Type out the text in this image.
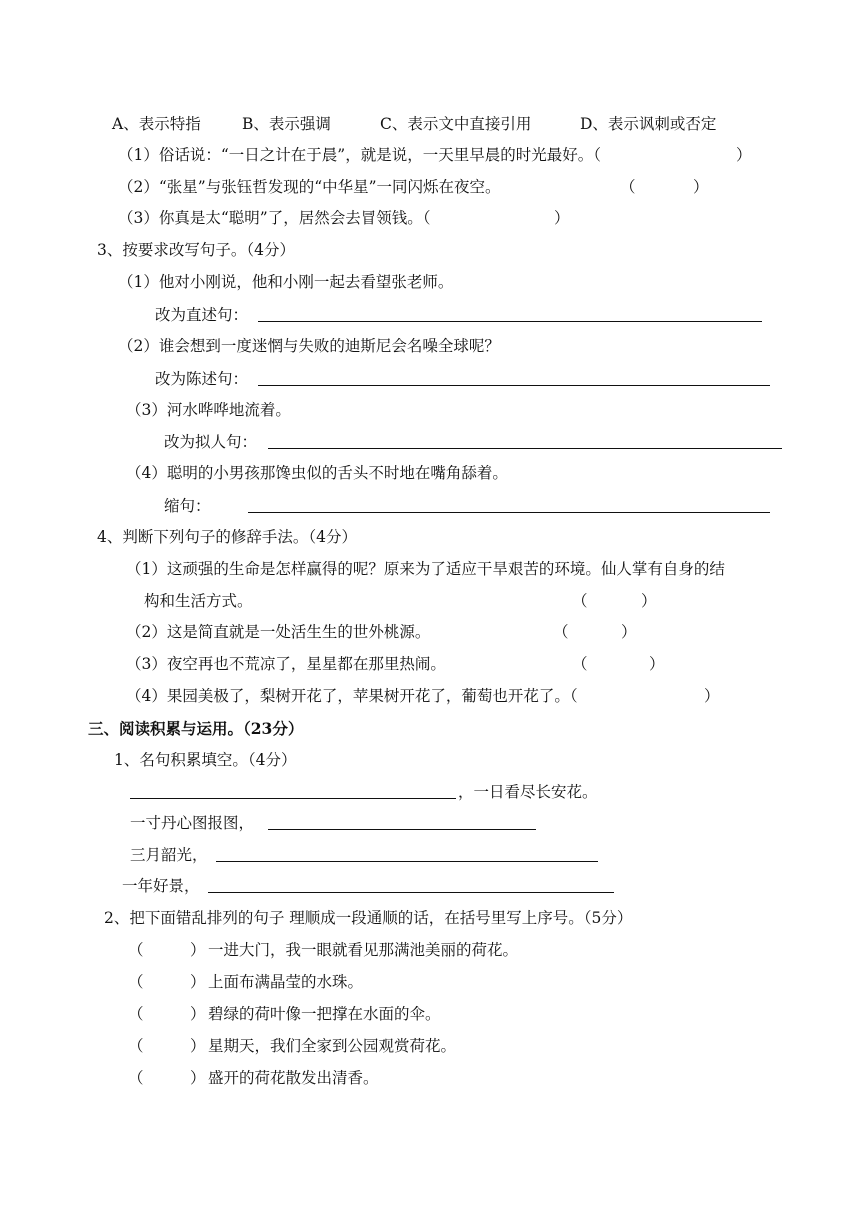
A、表示特指	B、表示强调	C、表示文中直接引用	D、表示讽刺或否定
（1）俗话说：“一日之计在于晨”，就是说，一天里早晨的时光最好。（	）
（2）“张星”与张钰哲发现的“中华星”一同闪烁在夜空。	（	）
（3）你真是太“聪明”了，居然会去冒领钱。（	）
3、按要求改写句子。（4分）
（1）他对小刚说，他和小刚一起去看望张老师。
改为直述句：
（2）谁会想到一度迷惘与失败的迪斯尼会名噪全球呢？
改为陈述句：
（3）河水哗哗地流着。
改为拟人句：
（4）聪明的小男孩那馋虫似的舌头不时地在嘴角舔着。
缩句：
4、判断下列句子的修辞手法。（4分）
（1）这顽强的生命是怎样赢得的呢？原来为了适应干旱艰苦的环境。仙人掌有自身的结
构和生活方式。	（	）
（2）这是简直就是一处活生生的世外桃源。	（	）
（3）夜空再也不荒凉了，星星都在那里热闹。	（	）
（4）果园美极了，梨树开花了，苹果树开花了，葡萄也开花了。（	）
三、阅读积累与运用。（23分）
1、名句积累填空。（4分）
，一日看尽长安花。
一寸丹心图报图，
三月韶光，
一年好景，
2、把下面错乱排列的句子 理顺成一段通顺的话，在括号里写上序号。（5分）
（	） 一进大门，我一眼就看见那满池美丽的荷花。
（	） 上面布满晶莹的水珠。
（	） 碧绿的荷叶像一把撑在水面的伞。
（	） 星期天，我们全家到公园观赏荷花。
（	） 盛开的荷花散发出清香。
